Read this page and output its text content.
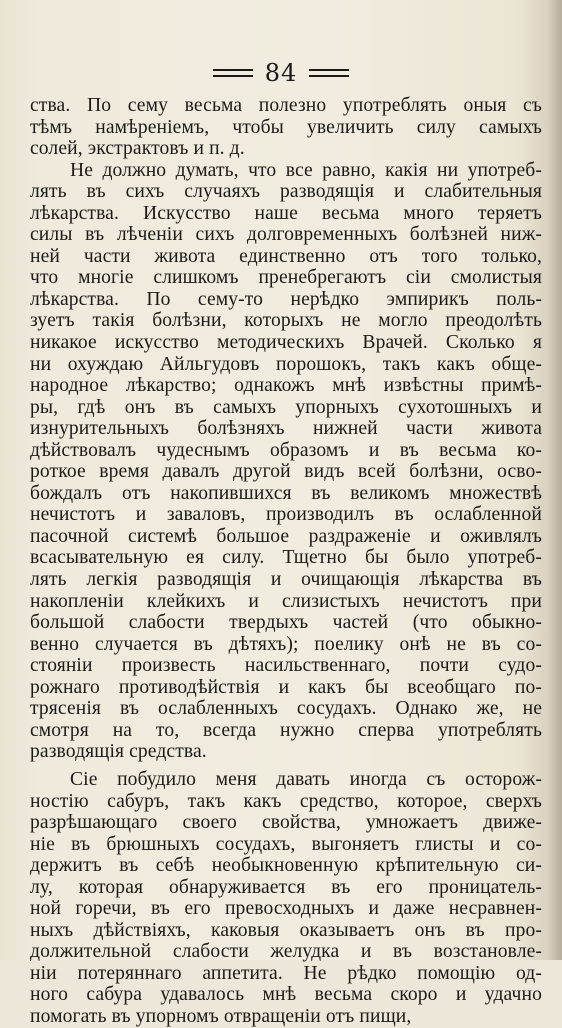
84
ства. По сему весьма полезно употреблять оныя съ
тѣмъ намѣреніемъ, чтобы увеличить силу самыхъ
солей, экстрактовъ и п. д.
Не должно думать, что все равно, какія ни употреб-
лять въ сихъ случаяхъ разводящія и слабительныя
лѣкарства. Искусство наше весьма много теряетъ
силы въ лѣченіи сихъ долговременныхъ болѣзней ниж-
ней части живота единственно отъ того только,
что многіе слишкомъ пренебрегаютъ сіи смолистыя
лѣкарства. По сему-то нерѣдко эмпирикъ поль-
зуетъ такія болѣзни, которыхъ не могло преодолѣть
никакое искусство методическихъ Врачей. Сколько я
ни охуждаю Айльгудовъ порошокъ, такъ какъ обще-
народное лѣкарство; однакожъ мнѣ извѣстны примѣ-
ры, гдѣ онъ въ самыхъ упорныхъ сухотошныхъ и
изнурительныхъ болѣзняхъ нижней части живота
дѣйствовалъ чудеснымъ образомъ и въ весьма ко-
роткое время давалъ другой видъ всей болѣзни, осво-
бождалъ отъ накопившихся въ великомъ множествѣ
нечистотъ и заваловъ, производилъ въ ослабленной
пасочной системѣ большое раздраженіе и оживлялъ
всасывательную ея силу. Тщетно бы было употреб-
лять легкія разводящія и очищающія лѣкарства въ
накопленіи клейкихъ и слизистыхъ нечистотъ при
большой слабости твердыхъ частей (что обыкно-
венно случается въ дѣтяхъ); поелику онѣ не въ со-
стояніи произвесть насильственнаго, почти судо-
рожнаго противодѣйствія и какъ бы всеобщаго по-
трясенія въ ослабленныхъ сосудахъ. Однако же, не
смотря на то, всегда нужно сперва употреблять
разводящія средства.
Сіе побудило меня давать иногда съ осторож-
ностію сабуръ, такъ какъ средство, которое, сверхъ
разрѣшающаго своего свойства, умножаетъ движе-
ніе въ брюшныхъ сосудахъ, выгоняетъ глисты и со-
держитъ въ себѣ необыкновенную крѣпительную си-
лу, которая обнаруживается въ его проницатель-
ной горечи, въ его превосходныхъ и даже несравнен-
ныхъ дѣйствіяхъ, каковыя оказываетъ онъ въ про-
должительной слабости желудка и въ возстановле-
ніи потеряннаго аппетита. Не рѣдко помощію од-
ного сабура удавалось мнѣ весьма скоро и удачно
помогать въ упорномъ отвращеніи отъ пищи,
